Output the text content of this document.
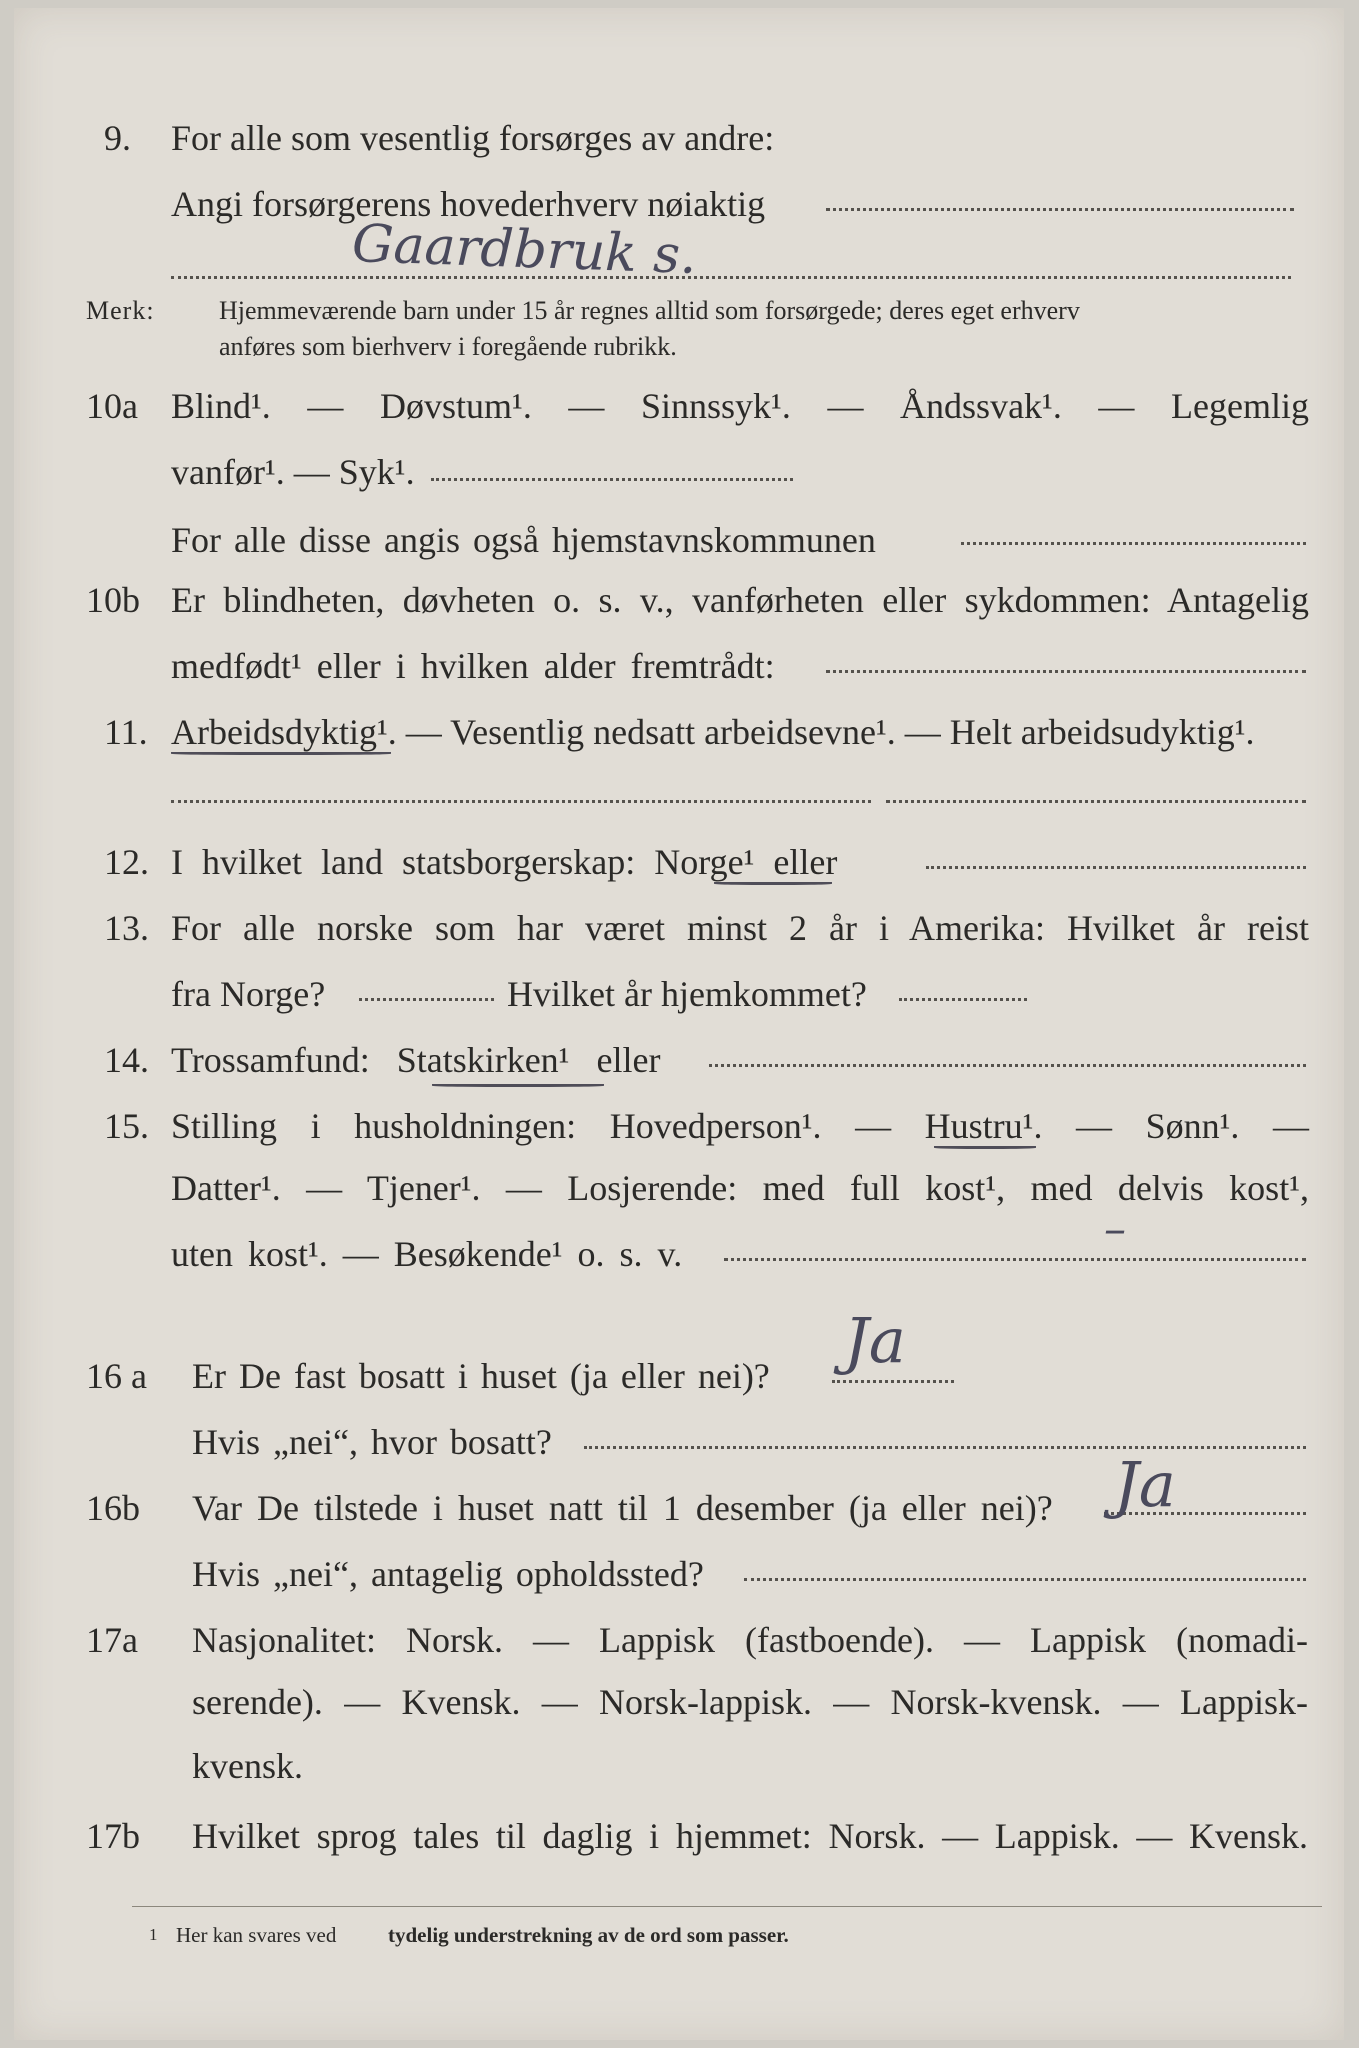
9. For alle som vesentlig forsørges av andre:
Angi forsørgerens hovederhverv nøiaktig
Gaardbruk s.
Merk: Hjemmeværende barn under 15 år regnes alltid som forsørgede; deres eget erhverv
anføres som bierhverv i foregående rubrikk.
10a Blind¹. — Døvstum¹. — Sinnssyk¹. — Åndssvak¹. — Legemlig
vanfør¹. — Syk¹.
For alle disse angis også hjemstavnskommunen
10b Er blindheten, døvheten o. s. v., vanførheten eller sykdommen: Antagelig
medfødt¹ eller i hvilken alder fremtrådt:
11. Arbeidsdyktig¹. — Vesentlig nedsatt arbeidsevne¹. — Helt arbeidsudyktig¹.
12. I hvilket land statsborgerskap: Norge¹ eller
13. For alle norske som har været minst 2 år i Amerika: Hvilket år reist
fra Norge?	Hvilket år hjemkommet?
14. Trossamfund: Statskirken¹ eller
15. Stilling i husholdningen: Hovedperson¹. — Hustru¹. — Sønn¹. —
Datter¹. — Tjener¹. — Losjerende: med full kost¹, med delvis kost¹,
uten kost¹. — Besøkende¹ o. s. v.	–
16 a Er De fast bosatt i huset (ja eller nei)? Ja
Hvis „nei“, hvor bosatt?
16b Var De tilstede i huset natt til 1 desember (ja eller nei)? Ja
Hvis „nei“, antagelig opholdssted?
17a Nasjonalitet: Norsk. — Lappisk (fastboende). — Lappisk (nomadi-
serende). — Kvensk. — Norsk-lappisk. — Norsk-kvensk. — Lappisk-
kvensk.
17b Hvilket sprog tales til daglig i hjemmet: Norsk. — Lappisk. — Kvensk.
1 Her kan svares ved tydelig understrekning av de ord som passer.
